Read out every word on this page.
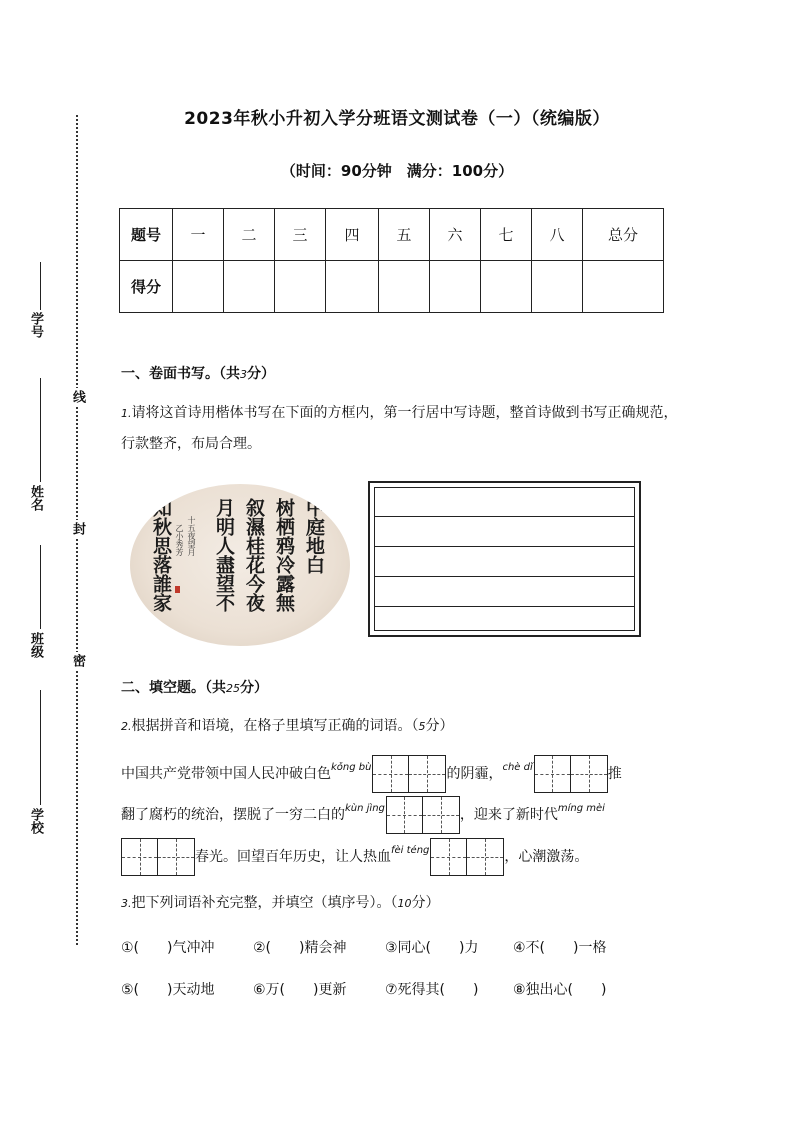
学号
姓名
班级
学校
线
封
密
2023年秋小升初入学分班语文测试卷（一）（统编版）
（时间：90分钟　满分：100分）
题号	一	二	三	四	五	六	七	八	总分
得分									
一、卷面书写。（共3分）
1.请将这首诗用楷体书写在下面的方框内，第一行居中写诗题，整首诗做到书写正确规范，行款整齐，布局合理。
中庭地白
树栖鸦冷露無
叙濕桂花今夜
月明人盡望不
十五夜望月
乙小秀芳
知秋思落誰家
二、填空题。（共25分）
2.根据拼音和语境，在格子里填写正确的词语。（5分）
中国共产党带领中国人民冲破白色$^{kǒng bù}$	的阴霾，$^{chè dǐ}$	推
翻了腐朽的统治，摆脱了一穷二白的$^{kùn jìng}$	，迎来了新时代$^{míng mèi}$
春光。回望百年历史，让人热血$^{fèi téng}$	，心潮激荡。
3.把下列词语补充完整，并填空（填序号）。（10分）
①(　　)气冲冲	②(　　)精会神	③同心(　　)力 ④不(　　)一格
⑤(　　)天动地	⑥万(　　)更新	⑦死得其(　　) ⑧独出心(　　)
